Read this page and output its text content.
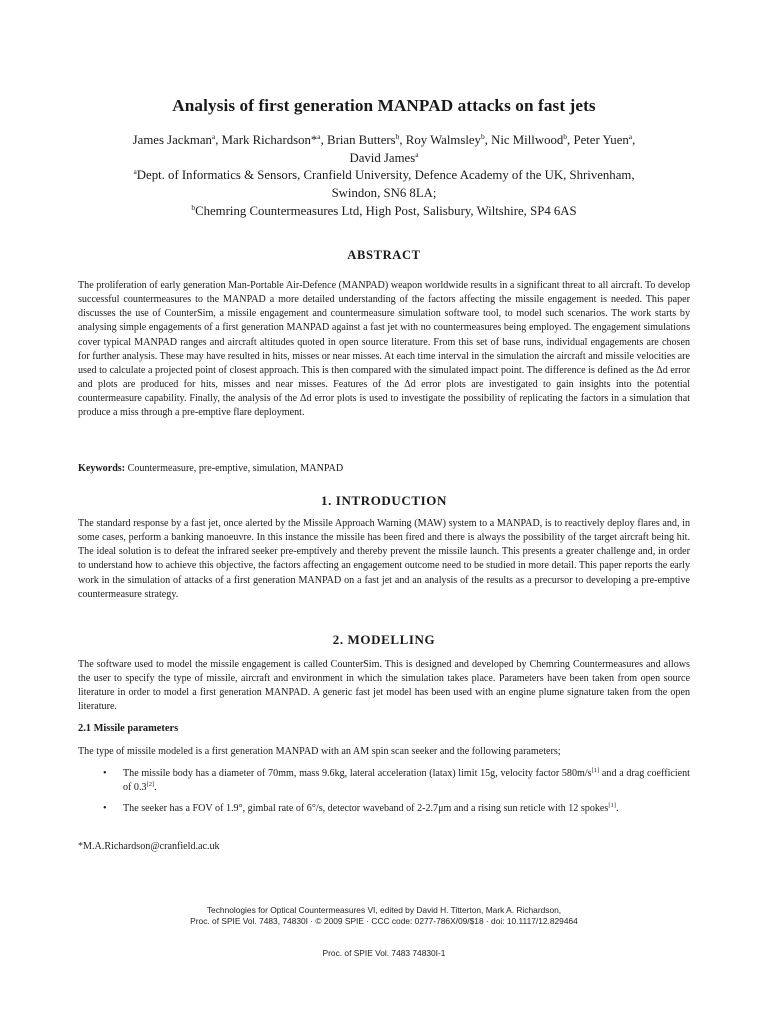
Analysis of first generation MANPAD attacks on fast jets
James Jackman$^a$, Mark Richardson*$^a$, Brian Butters$^b$, Roy Walmsley$^b$, Nic Millwood$^b$, Peter Yuen$^a$,
David James$^a$
$^a$Dept. of Informatics & Sensors, Cranfield University, Defence Academy of the UK, Shrivenham,
Swindon, SN6 8LA;
$^b$Chemring Countermeasures Ltd, High Post, Salisbury, Wiltshire, SP4 6AS
ABSTRACT
The proliferation of early generation Man-Portable Air-Defence (MANPAD) weapon worldwide results in a significant threat to all aircraft. To develop successful countermeasures to the MANPAD a more detailed understanding of the factors affecting the missile engagement is needed. This paper discusses the use of CounterSim, a missile engagement and countermeasure simulation software tool, to model such scenarios. The work starts by analysing simple engagements of a first generation MANPAD against a fast jet with no countermeasures being employed. The engagement simulations cover typical MANPAD ranges and aircraft altitudes quoted in open source literature. From this set of base runs, individual engagements are chosen for further analysis. These may have resulted in hits, misses or near misses. At each time interval in the simulation the aircraft and missile velocities are used to calculate a projected point of closest approach. This is then compared with the simulated impact point. The difference is defined as the Δd error and plots are produced for hits, misses and near misses. Features of the Δd error plots are investigated to gain insights into the potential countermeasure capability. Finally, the analysis of the Δd error plots is used to investigate the possibility of replicating the factors in a simulation that produce a miss through a pre-emptive flare deployment.
Keywords: Countermeasure, pre-emptive, simulation, MANPAD
1. INTRODUCTION
The standard response by a fast jet, once alerted by the Missile Approach Warning (MAW) system to a MANPAD, is to reactively deploy flares and, in some cases, perform a banking manoeuvre. In this instance the missile has been fired and there is always the possibility of the target aircraft being hit. The ideal solution is to defeat the infrared seeker pre-emptively and thereby prevent the missile launch. This presents a greater challenge and, in order to understand how to achieve this objective, the factors affecting an engagement outcome need to be studied in more detail. This paper reports the early work in the simulation of attacks of a first generation MANPAD on a fast jet and an analysis of the results as a precursor to developing a pre-emptive countermeasure strategy.
2. MODELLING
The software used to model the missile engagement is called CounterSim. This is designed and developed by Chemring Countermeasures and allows the user to specify the type of missile, aircraft and environment in which the simulation takes place. Parameters have been taken from open source literature in order to model a first generation MANPAD. A generic fast jet model has been used with an engine plume signature taken from the open literature.
2.1 Missile parameters
The type of missile modeled is a first generation MANPAD with an AM spin scan seeker and the following parameters;
• The missile body has a diameter of 70mm, mass 9.6kg, lateral acceleration (latax) limit 15g, velocity factor 580m/s[1] and a drag coefficient of 0.3[2].
• The seeker has a FOV of 1.9°, gimbal rate of 6°/s, detector waveband of 2-2.7μm and a rising sun reticle with 12 spokes[1].
*M.A.Richardson@cranfield.ac.uk
Technologies for Optical Countermeasures VI, edited by David H. Titterton, Mark A. Richardson,
Proc. of SPIE Vol. 7483, 74830I · © 2009 SPIE · CCC code: 0277-786X/09/$18 · doi: 10.1117/12.829464
Proc. of SPIE Vol. 7483 74830I-1
